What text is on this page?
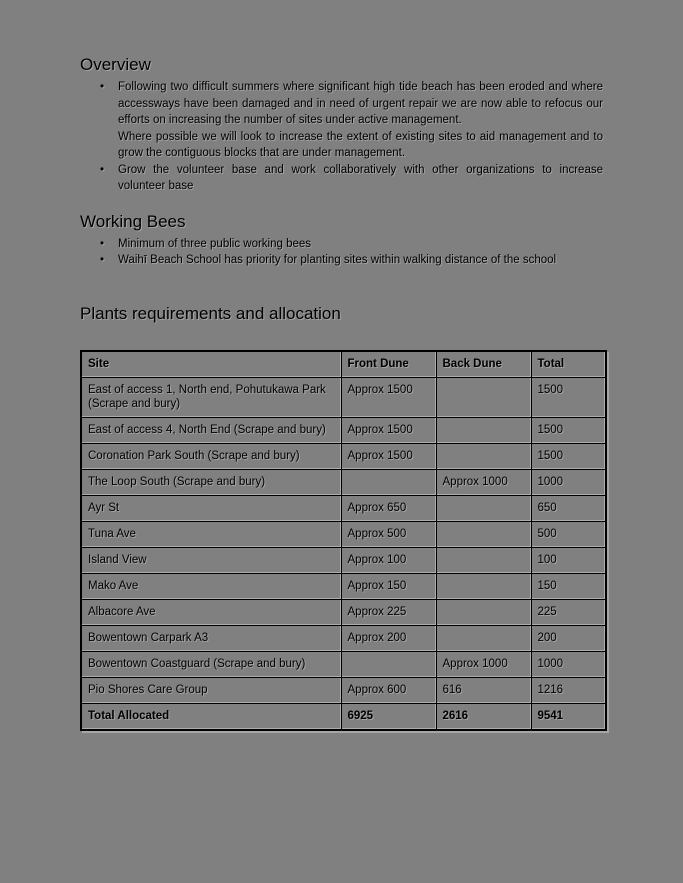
Overview
• Following two difficult summers where significant high tide beach has been eroded and where accessways have been damaged and in need of urgent repair we are now able to refocus our efforts on increasing the number of sites under active management.
Where possible we will look to increase the extent of existing sites to aid management and to grow the contiguous blocks that are under management.
• Grow the volunteer base and work collaboratively with other organizations to increase volunteer base
Working Bees
• Minimum of three public working bees
• Waihī Beach School has priority for planting sites within walking distance of the school
Plants requirements and allocation
Site	Front Dune	Back Dune	Total
East of access 1, North end, Pohutukawa Park (Scrape and bury)	Approx 1500		1500
East of access 4, North End (Scrape and bury)	Approx 1500		1500
Coronation Park South (Scrape and bury)	Approx 1500		1500
The Loop South (Scrape and bury)		Approx 1000	1000
Ayr St	Approx 650		650
Tuna Ave	Approx 500		500
Island View	Approx 100		100
Mako Ave	Approx 150		150
Albacore Ave	Approx 225		225
Bowentown Carpark A3	Approx 200		200
Bowentown Coastguard (Scrape and bury)		Approx 1000	1000
Pio Shores Care Group	Approx 600	616	1216
Total Allocated	6925	2616	9541
